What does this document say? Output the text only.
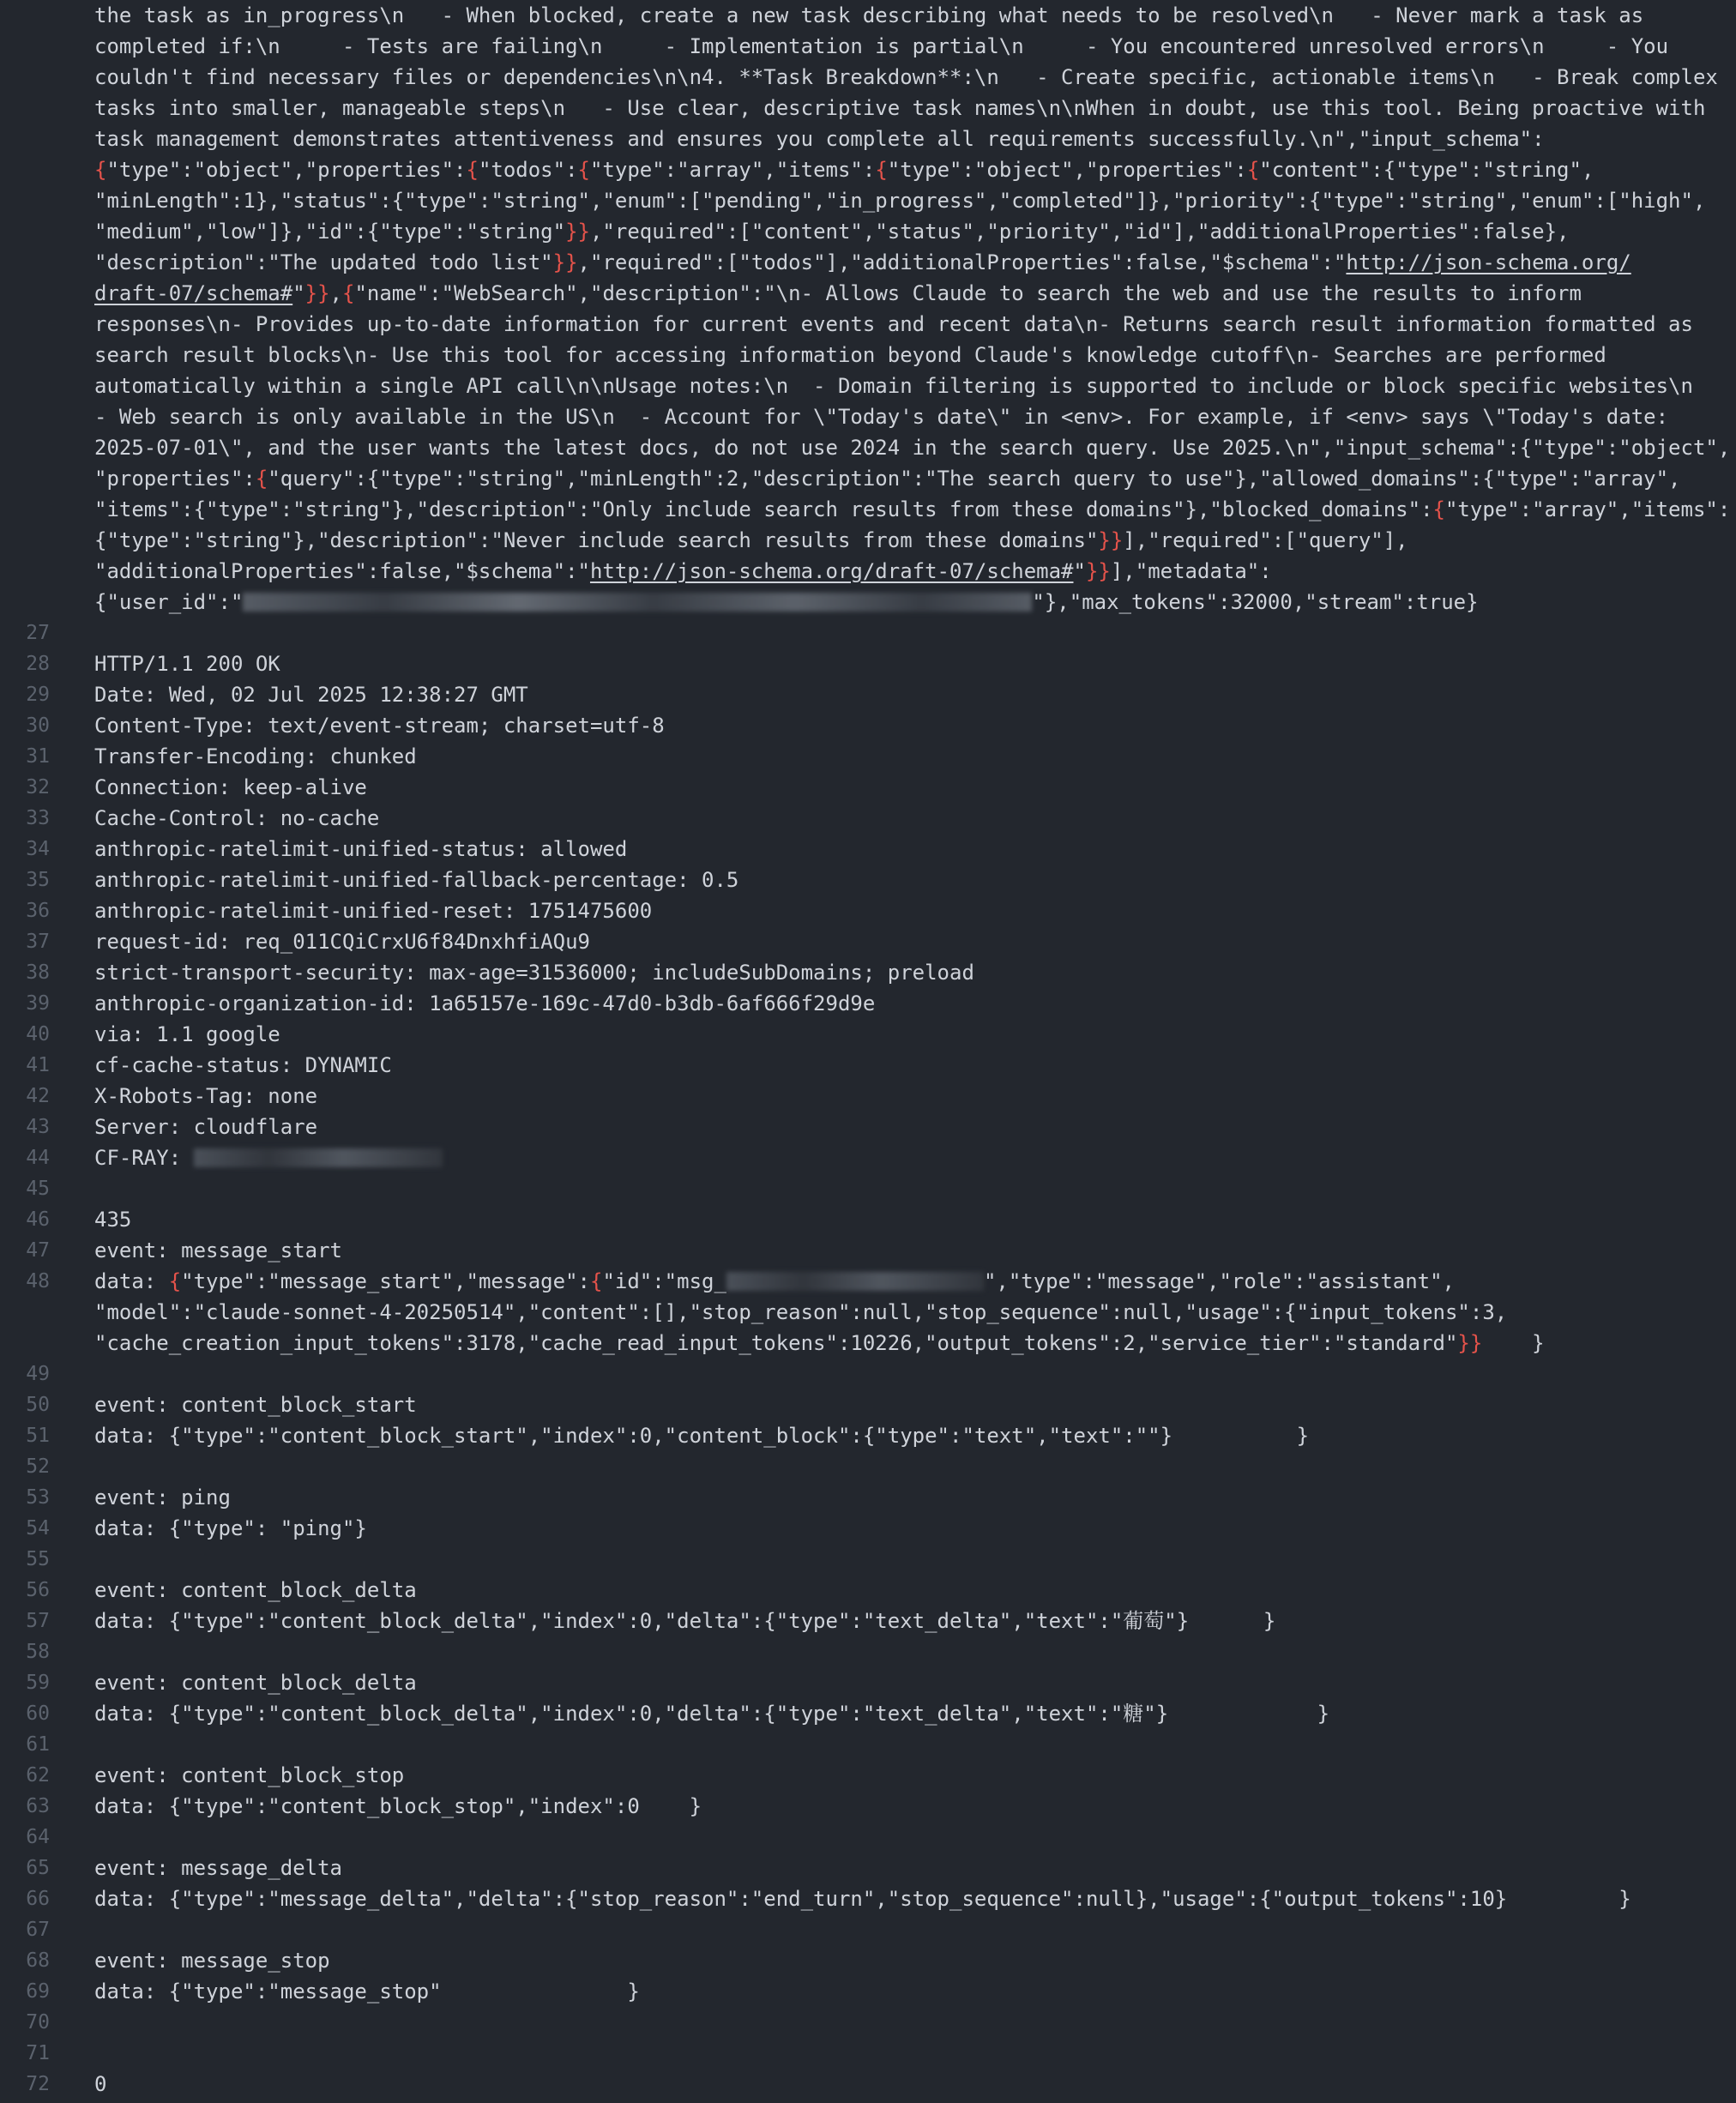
the task as in_progress\n   - When blocked, create a new task describing what needs to be resolved\n   - Never mark a task as
completed if:\n     - Tests are failing\n     - Implementation is partial\n     - You encountered unresolved errors\n     - You
couldn't find necessary files or dependencies\n\n4. **Task Breakdown**:\n   - Create specific, actionable items\n   - Break complex
tasks into smaller, manageable steps\n   - Use clear, descriptive task names\n\nWhen in doubt, use this tool. Being proactive with
task management demonstrates attentiveness and ensures you complete all requirements successfully.\n","input_schema":
{"type":"object","properties":{"todos":{"type":"array","items":{"type":"object","properties":{"content":{"type":"string",
"minLength":1},"status":{"type":"string","enum":["pending","in_progress","completed"]},"priority":{"type":"string","enum":["high",
"medium","low"]},"id":{"type":"string"}},"required":["content","status","priority","id"],"additionalProperties":false},
"description":"The updated todo list"}},"required":["todos"],"additionalProperties":false,"$schema":"http://json-schema.org/
draft-07/schema#"}},{"name":"WebSearch","description":"\n- Allows Claude to search the web and use the results to inform
responses\n- Provides up-to-date information for current events and recent data\n- Returns search result information formatted as
search result blocks\n- Use this tool for accessing information beyond Claude's knowledge cutoff\n- Searches are performed
automatically within a single API call\n\nUsage notes:\n  - Domain filtering is supported to include or block specific websites\n
- Web search is only available in the US\n  - Account for \"Today's date\" in <env>. For example, if <env> says \"Today's date:
2025-07-01\", and the user wants the latest docs, do not use 2024 in the search query. Use 2025.\n","input_schema":{"type":"object",
"properties":{"query":{"type":"string","minLength":2,"description":"The search query to use"},"allowed_domains":{"type":"array",
"items":{"type":"string"},"description":"Only include search results from these domains"},"blocked_domains":{"type":"array","items":
{"type":"string"},"description":"Never include search results from these domains"}}],"required":["query"],
"additionalProperties":false,"$schema":"http://json-schema.org/draft-07/schema#"}}],"metadata":
{"user_id":"	"},"max_tokens":32000,"stream":true}
27
28 HTTP/1.1 200 OK
29 Date: Wed, 02 Jul 2025 12:38:27 GMT
30 Content-Type: text/event-stream; charset=utf-8
31 Transfer-Encoding: chunked
32 Connection: keep-alive
33 Cache-Control: no-cache
34 anthropic-ratelimit-unified-status: allowed
35 anthropic-ratelimit-unified-fallback-percentage: 0.5
36 anthropic-ratelimit-unified-reset: 1751475600
37 request-id: req_011CQiCrxU6f84DnxhfiAQu9
38 strict-transport-security: max-age=31536000; includeSubDomains; preload
39 anthropic-organization-id: 1a65157e-169c-47d0-b3db-6af666f29d9e
40 via: 1.1 google
41 cf-cache-status: DYNAMIC
42 X-Robots-Tag: none
43 Server: cloudflare
44 CF-RAY:
45
46 435
47 event: message_start
48 data: {"type":"message_start","message":{"id":"msg_	","type":"message","role":"assistant",
"model":"claude-sonnet-4-20250514","content":[],"stop_reason":null,"stop_sequence":null,"usage":{"input_tokens":3,
"cache_creation_input_tokens":3178,"cache_read_input_tokens":10226,"output_tokens":2,"service_tier":"standard"}}    }
49
50 event: content_block_start
51 data: {"type":"content_block_start","index":0,"content_block":{"type":"text","text":""}          }
52
53 event: ping
54 data: {"type": "ping"}
55
56 event: content_block_delta
57 data: {"type":"content_block_delta","index":0,"delta":{"type":"text_delta","text":"葡萄"}      }
58
59 event: content_block_delta
60 data: {"type":"content_block_delta","index":0,"delta":{"type":"text_delta","text":"糖"}            }
61
62 event: content_block_stop
63 data: {"type":"content_block_stop","index":0    }
64
65 event: message_delta
66 data: {"type":"message_delta","delta":{"stop_reason":"end_turn","stop_sequence":null},"usage":{"output_tokens":10}         }
67
68 event: message_stop
69 data: {"type":"message_stop"               }
70
71
72 0
